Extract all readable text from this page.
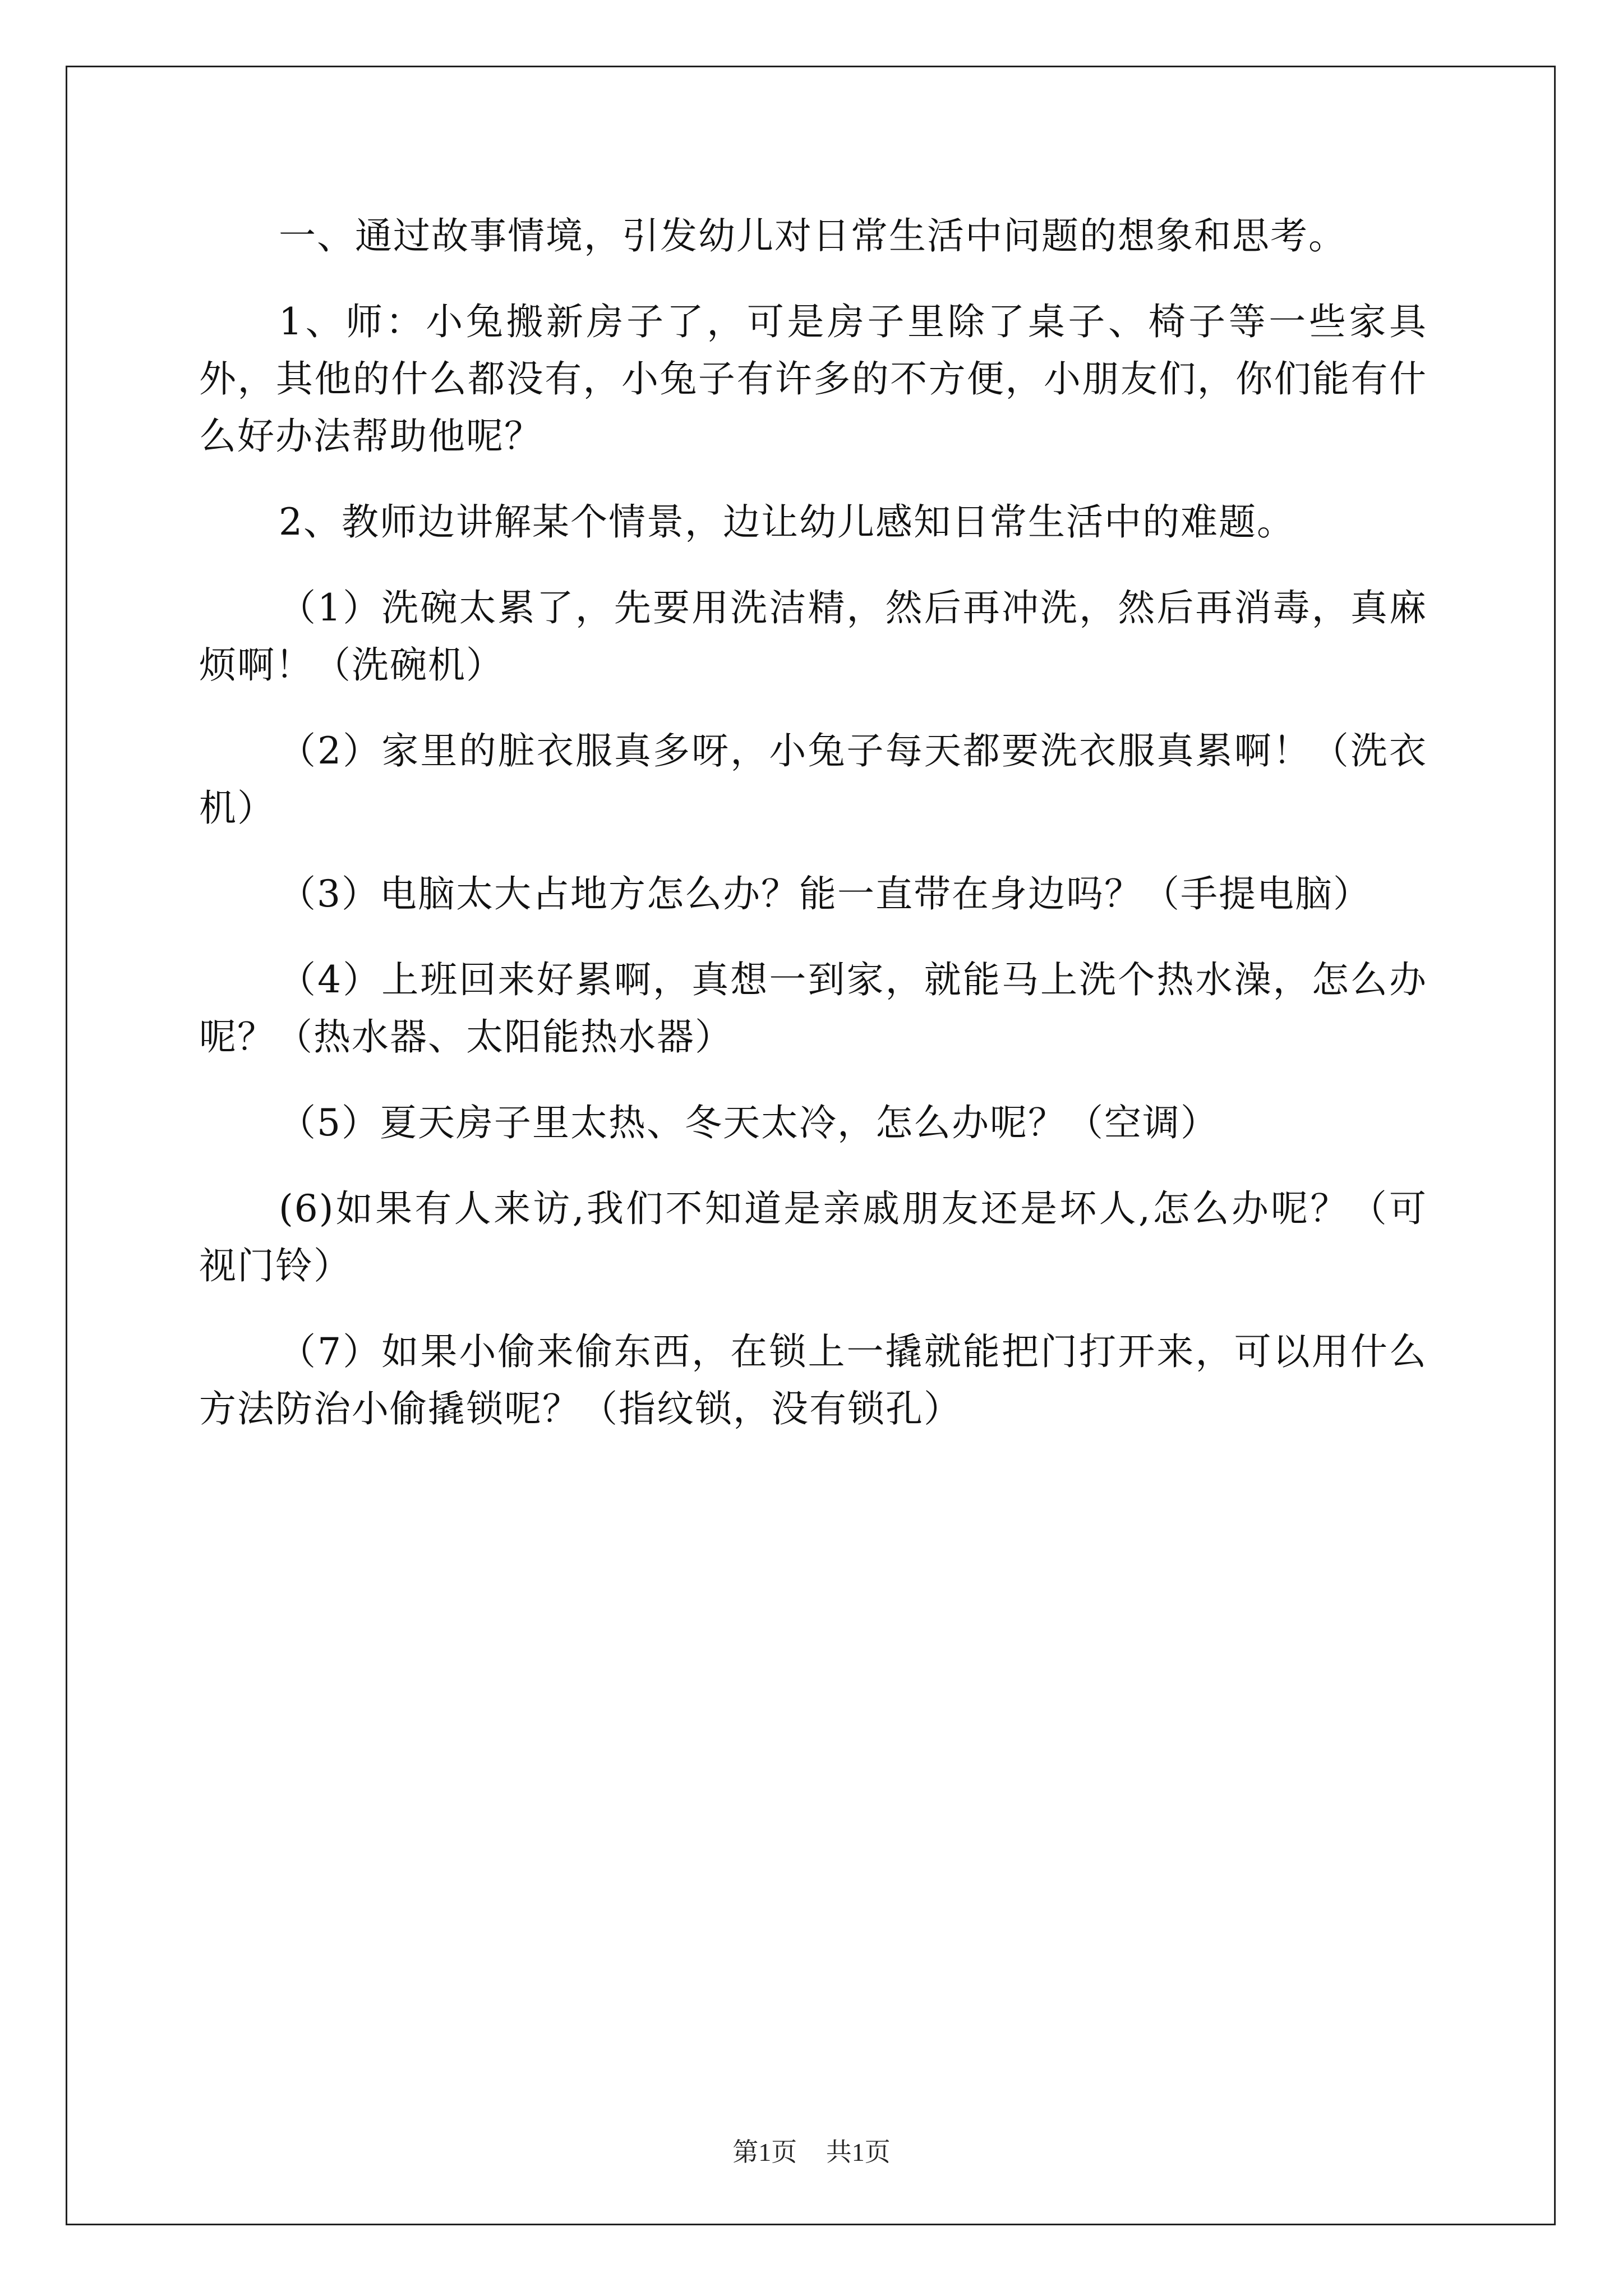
一、通过故事情境，引发幼儿对日常生活中问题的想象和思考。

1、师：小兔搬新房子了，可是房子里除了桌子、椅子等一些家具外，其他的什么都没有，小兔子有许多的不方便，小朋友们，你们能有什么好办法帮助他呢？

2、教师边讲解某个情景，边让幼儿感知日常生活中的难题。

（1）洗碗太累了，先要用洗洁精，然后再冲洗，然后再消毒，真麻烦啊！（洗碗机）

（2）家里的脏衣服真多呀，小兔子每天都要洗衣服真累啊！（洗衣机）

（3）电脑太大占地方怎么办？能一直带在身边吗？（手提电脑）

（4）上班回来好累啊，真想一到家，就能马上洗个热水澡，怎么办呢？（热水器、太阳能热水器）

（5）夏天房子里太热、冬天太冷，怎么办呢？（空调）

(6)如果有人来访,我们不知道是亲戚朋友还是坏人,怎么办呢？（可视门铃）

（7）如果小偷来偷东西，在锁上一撬就能把门打开来，可以用什么方法防治小偷撬锁呢？（指纹锁，没有锁孔）

第1页 共1页
